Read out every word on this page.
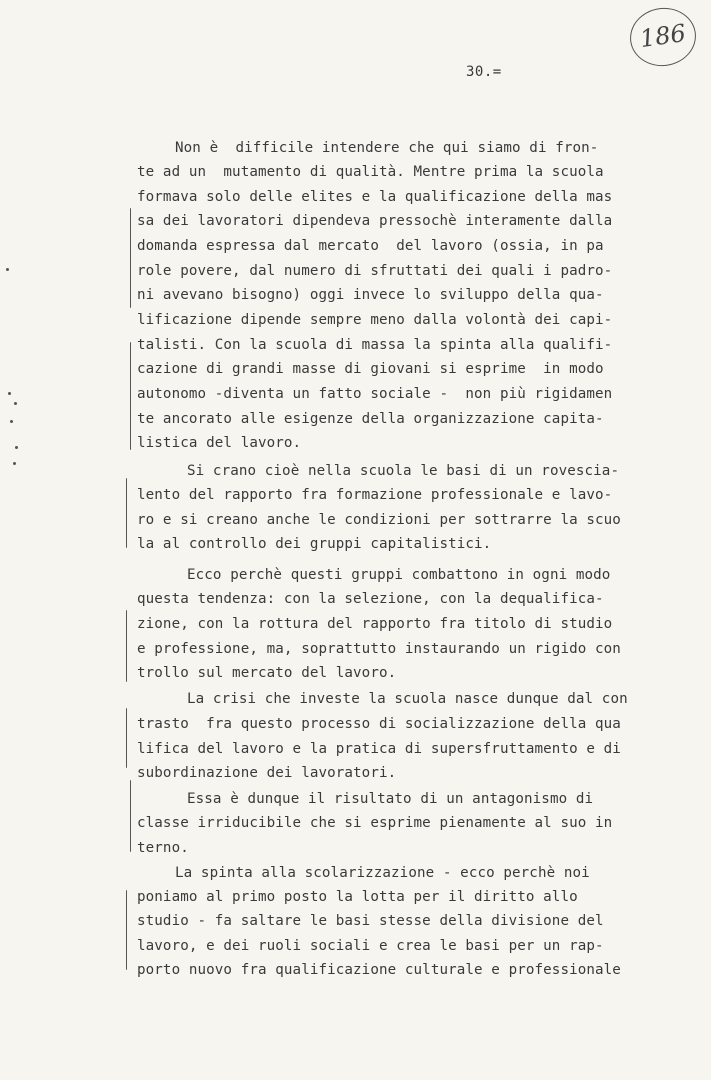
186
30.=
Non è  difficile intendere che qui siamo di fron-
te ad un  mutamento di qualità. Mentre prima la scuola
formava solo delle elites e la qualificazione della mas
sa dei lavoratori dipendeva pressochè interamente dalla
domanda espressa dal mercato  del lavoro (ossia, in pa
role povere, dal numero di sfruttati dei quali i padro-
ni avevano bisogno) oggi invece lo sviluppo della qua-
lificazione dipende sempre meno dalla volontà dei capi-
talisti. Con la scuola di massa la spinta alla qualifi-
cazione di grandi masse di giovani si esprime  in modo
autonomo -diventa un fatto sociale -  non più rigidamen
te ancorato alle esigenze della organizzazione capita-
listica del lavoro.
Si crano cioè nella scuola le basi di un rovescia-
lento del rapporto fra formazione professionale e lavo-
ro e si creano anche le condizioni per sottrarre la scuo
la al controllo dei gruppi capitalistici.
Ecco perchè questi gruppi combattono in ogni modo
questa tendenza: con la selezione, con la dequalifica-
zione, con la rottura del rapporto fra titolo di studio
e professione, ma, soprattutto instaurando un rigido con
trollo sul mercato del lavoro.
La crisi che investe la scuola nasce dunque dal con
trasto  fra questo processo di socializzazione della qua
lifica del lavoro e la pratica di supersfruttamento e di
subordinazione dei lavoratori.
Essa è dunque il risultato di un antagonismo di
classe irriducibile che si esprime pienamente al suo in
terno.
La spinta alla scolarizzazione - ecco perchè noi
poniamo al primo posto la lotta per il diritto allo
studio - fa saltare le basi stesse della divisione del
lavoro, e dei ruoli sociali e crea le basi per un rap-
porto nuovo fra qualificazione culturale e professionale
